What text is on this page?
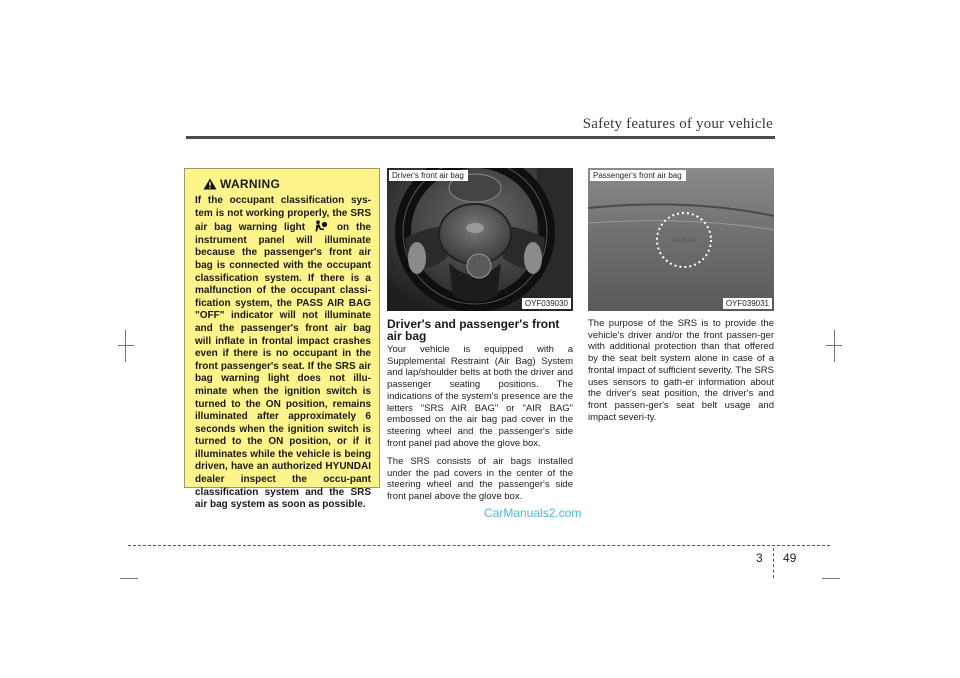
Safety features of your vehicle
WARNING

If the occupant classification sys-tem is not working properly, the SRS air bag warning light	on the instrument panel will illuminate because the passenger's front air bag is connected with the occupant classification system. If there is a malfunction of the occupant classi-fication system, the PASS AIR BAG "OFF" indicator will not illuminate and the passenger's front air bag will inflate in frontal impact crashes even if there is no occupant in the front passenger's seat. If the SRS air bag warning light does not illu-minate when the ignition switch is turned to the ON position, remains illuminated after approximately 6 seconds when the ignition switch is turned to the ON position, or if it illuminates while the vehicle is being driven, have an authorized HYUNDAI dealer inspect the occu-pant classification system and the SRS air bag system as soon as possible.

Driver's front air bag
OYF039030
AIRBAG
Passenger's front air bag
OYF039031

Driver's and passenger's front air bag

Your vehicle is equipped with a Supplemental Restraint (Air Bag) System and lap/shoulder belts at both the driver and passenger seating positions. The indications of the system's presence are the letters "SRS AIR BAG" or "AIR BAG" embossed on the air bag pad cover in the steering wheel and the passenger's side front panel pad above the glove box.

The SRS consists of air bags installed under the pad covers in the center of the steering wheel and the passenger's side front panel above the glove box.

The purpose of the SRS is to provide the vehicle's driver and/or the front passen-ger with additional protection than that offered by the seat belt system alone in case of a frontal impact of sufficient severity. The SRS uses sensors to gath-er information about the driver's seat position, the driver's and front passen-ger's seat belt usage and impact severi-ty.

CarManuals2.com
3 49
